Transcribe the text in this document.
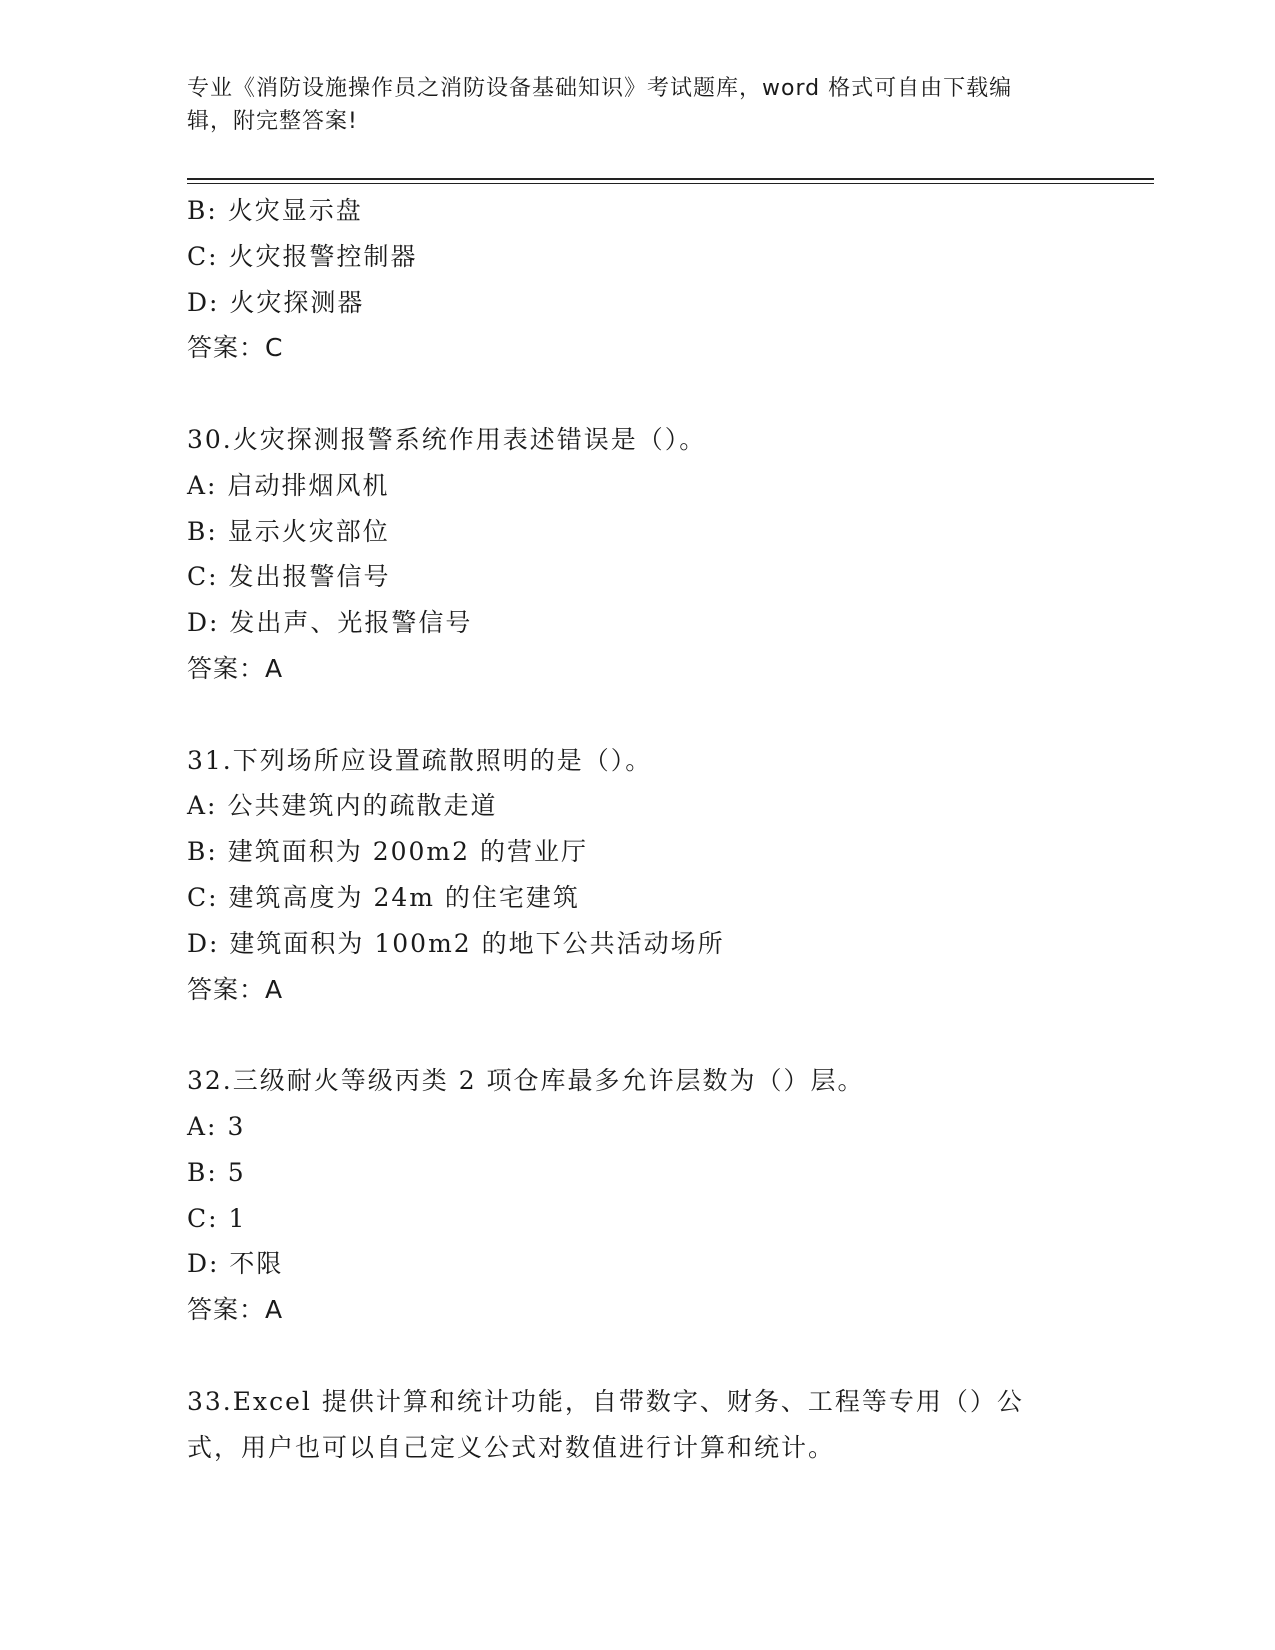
专业《消防设施操作员之消防设备基础知识》考试题库，word 格式可自由下载编
辑，附完整答案!
B: 火灾显示盘
C: 火灾报警控制器
D: 火灾探测器
答案：C
30.火灾探测报警系统作用表述错误是（）。
A: 启动排烟风机
B: 显示火灾部位
C: 发出报警信号
D: 发出声、光报警信号
答案：A
31.下列场所应设置疏散照明的是（）。
A: 公共建筑内的疏散走道
B: 建筑面积为 200m2 的营业厅
C: 建筑高度为 24m 的住宅建筑
D: 建筑面积为 100m2 的地下公共活动场所
答案：A
32.三级耐火等级丙类 2 项仓库最多允许层数为（）层。
A: 3
B: 5
C: 1
D: 不限
答案：A
33.Excel 提供计算和统计功能，自带数字、财务、工程等专用（）公
式，用户也可以自己定义公式对数值进行计算和统计。
